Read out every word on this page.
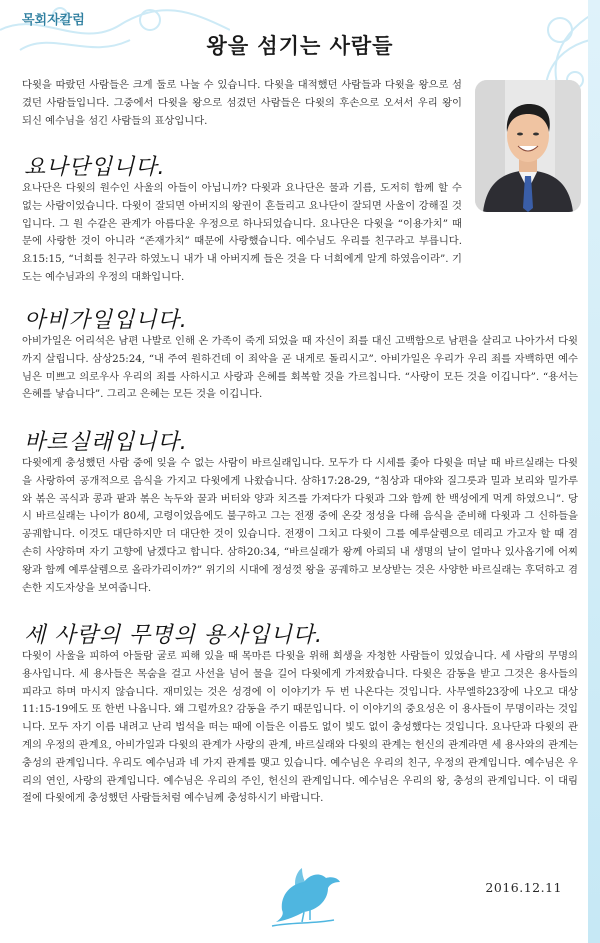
목회자칼럼
왕을 섬기는 사람들

다윗을 따랐던 사람들은 크게 둘로 나눌 수 있습니다. 다윗을 대적했던 사람들과 다윗을 왕으로 섬겼던 사람들입니다. 그중에서 다윗을 왕으로 섬겼던 사람들은 다윗의 후손으로 오셔서 우리 왕이 되신 예수님을 섬긴 사람들의 표상입니다.

요나단입니다.

요나단은 다윗의 원수인 사울의 아들이 아닙니까? 다윗과 요나단은 물과 기름, 도저히 함께 할 수 없는 사람이었습니다. 다윗이 잘되면 아버지의 왕권이 흔들리고 요나단이 잘되면 사울이 강해질 것입니다. 그 원 수같은 관계가 아름다운 우정으로 하나되었습니다. 요나단은 다윗을 “이용가치” 때문에 사랑한 것이 아니라 “존재가치” 때문에 사랑했습니다. 예수님도 우리를 친구라고 부릅니다. 요15:15, “너희를 친구라 하였노니 내가 내 아버지께 들은 것을 다 너희에게 알게 하였음이라”. 기도는 예수님과의 우정의 대화입니다.

아비가일입니다.

아비가일은 어리석은 남편 나발로 인해 온 가족이 죽게 되었을 때 자신이 죄를 대신 고백함으로 남편을 살리고 나아가서 다윗까지 살립니다. 삼상25:24, “내 주여 원하건데 이 죄악을 곧 내게로 돌리시고”. 아비가일은 우리가 우리 죄를 자백하면 예수님은 미쁘고 의로우사 우리의 죄를 사하시고 사랑과 은혜를 회복할 것을 가르칩니다. “사랑이 모든 것을 이깁니다”. “용서는 은혜를 낳습니다”. 그리고 은혜는 모든 것을 이깁니다.

바르실래입니다.

다윗에게 충성했던 사람 중에 잊을 수 없는 사람이 바르실래입니다. 모두가 다 시세를 좇아 다윗을 떠날 때 바르실래는 다윗을 사랑하여 공개적으로 음식을 가지고 다윗에게 나왔습니다. 삼하17:28-29, “침상과 대야와 질그릇과 밀과 보리와 밀가루와 볶은 곡식과 콩과 팥과 볶은 녹두와 꿀과 버터와 양과 치즈를 가져다가 다윗과 그와 함께 한 백성에게 먹게 하였으니”. 당시 바르실래는 나이가 80세, 고령이었음에도 불구하고 그는 전쟁 중에 온갖 정성을 다해 음식을 준비해 다윗과 그 신하들을 공궤합니다. 이것도 대단하지만 더 대단한 것이 있습니다. 전쟁이 그치고 다윗이 그를 예루살렘으로 데리고 가고자 할 때 겸손히 사양하며 자기 고향에 남겠다고 합니다. 삼하20:34, “바르실래가 왕께 아뢰되 내 생명의 날이 얼마나 있사옵기에 어찌 왕과 함께 예루살렘으로 올라가리이까?” 위기의 시대에 정성껏 왕을 공궤하고 보상받는 것은 사양한 바르실래는 후덕하고 겸손한 지도자상을 보여줍니다.

세 사람의 무명의 용사입니다.

다윗이 사울을 피하여 아둘람 굴로 피해 있을 때 목마른 다윗을 위해 희생을 자청한 사람들이 있었습니다. 세 사람의 무명의 용사입니다. 세 용사들은 목숨을 걸고 사선을 넘어 물을 길어 다윗에게 가져왔습니다. 다윗은 감동을 받고 그것은 용사들의 피라고 하며 마시지 않습니다. 재미있는 것은 성경에 이 이야기가 두 번 나온다는 것입니다. 사무엘하23장에 나오고 대상11:15-19에도 또 한번 나옵니다. 왜 그럴까요? 감동을 주기 때문입니다. 이 이야기의 중요성은 이 용사들이 무명이라는 것입니다. 모두 자기 이름 내려고 난리 법석을 떠는 때에 이들은 이름도 없이 빛도 없이 충성했다는 것입니다. 요나단과 다윗의 관계의 우정의 관계요, 아비가일과 다윗의 관계가 사랑의 관계, 바르실래와 다윗의 관계는 헌신의 관계라면 세 용사와의 관계는 충성의 관계입니다. 우리도 예수님과 네 가지 관계를 맺고 있습니다. 예수님은 우리의 친구, 우정의 관계입니다. 예수님은 우리의 연인, 사랑의 관계입니다. 예수님은 우리의 주인, 헌신의 관계입니다. 예수님은 우리의 왕, 충성의 관계입니다. 이 대림절에 다윗에게 충성했던 사람들처럼 예수님께 충성하시기 바랍니다.

2016.12.11
